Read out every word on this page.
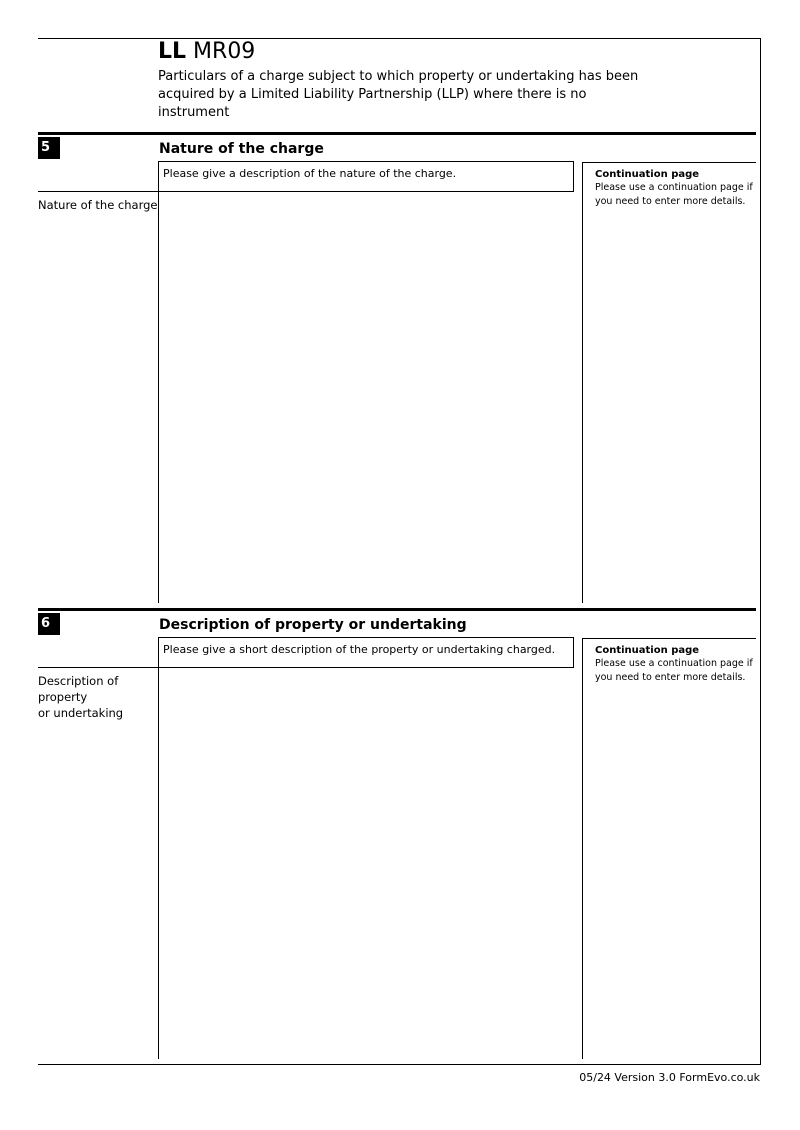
LL MR09
Particulars of a charge subject to which property or undertaking has been
acquired by a Limited Liability Partnership (LLP) where there is no instrument
5	Nature of the charge
Please give a description of the nature of the charge.
Nature of the charge
Continuation page
Please use a continuation page if you need to enter more details.
6	Description of property or undertaking
Please give a short description of the property or undertaking charged.
Description of property
or undertaking
Continuation page
Please use a continuation page if you need to enter more details.
05/24 Version 3.0 FormEvo.co.uk
